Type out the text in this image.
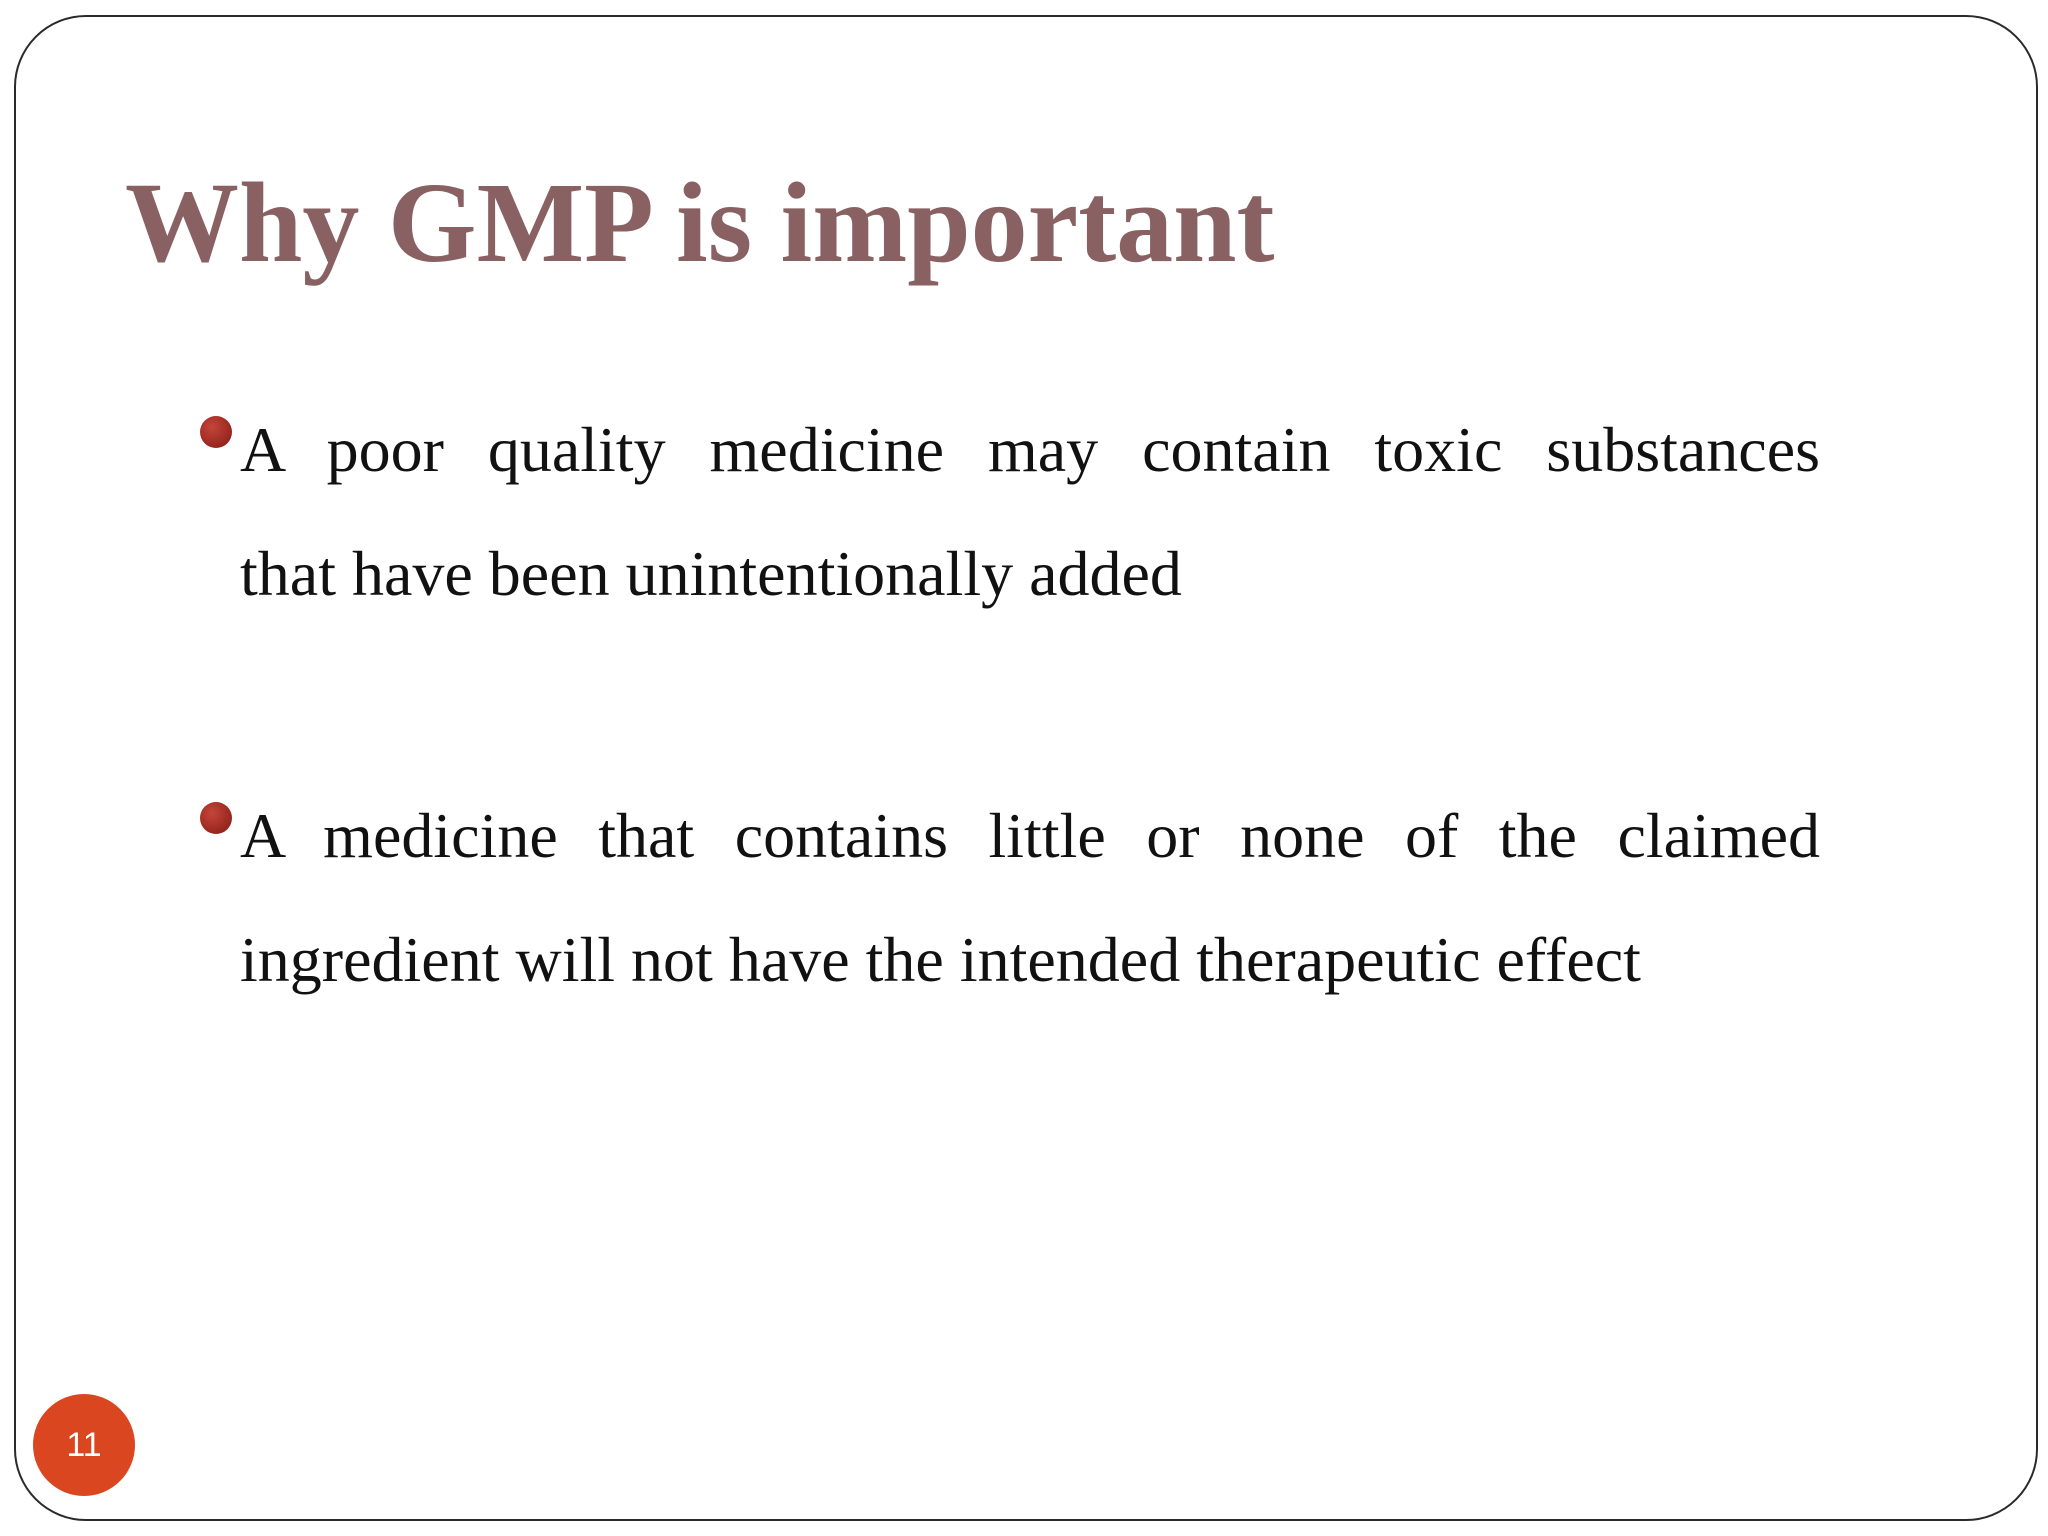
Why GMP is important
A poor quality medicine may contain toxic substances
that have been unintentionally added
A medicine that contains little or none of the claimed
ingredient will not have the intended therapeutic effect
11
